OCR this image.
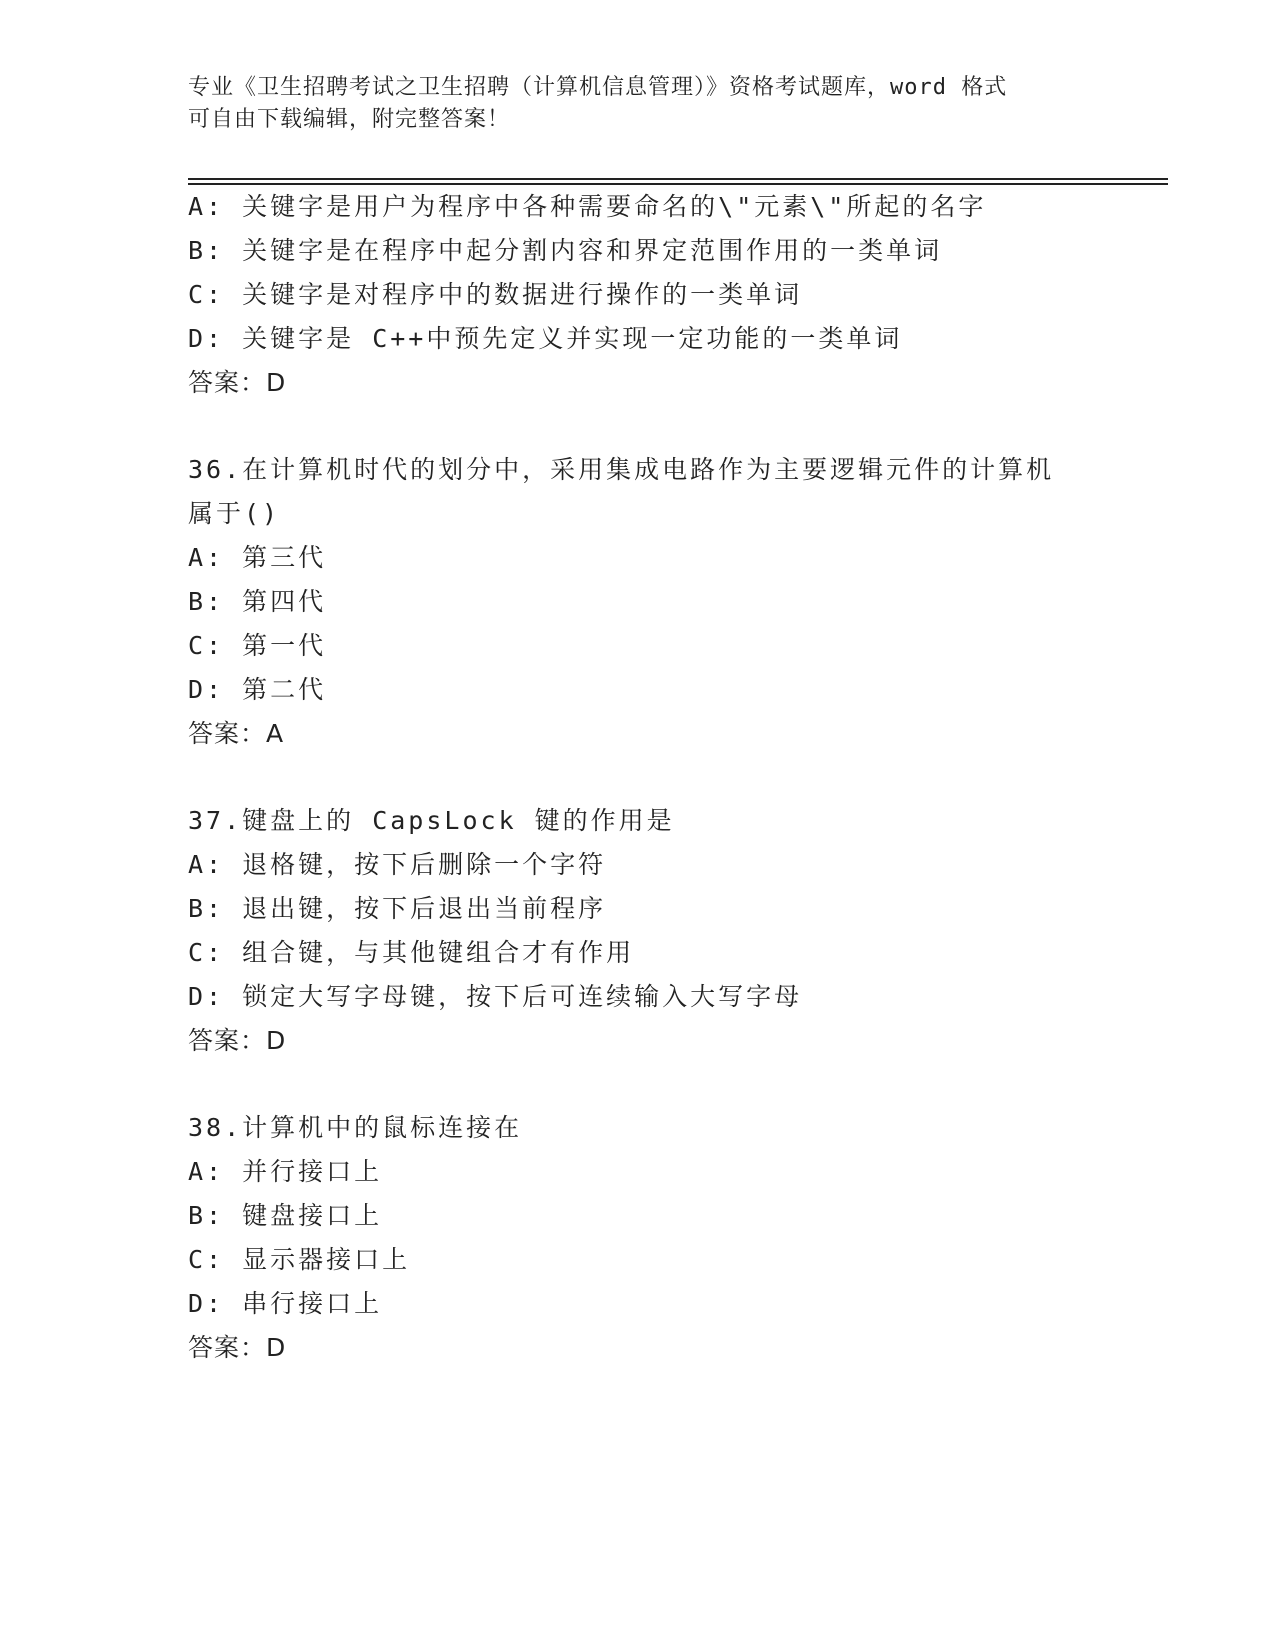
专业《卫生招聘考试之卫生招聘（计算机信息管理）》资格考试题库，word 格式
可自由下载编辑，附完整答案！
A: 关键字是用户为程序中各种需要命名的\"元素\"所起的名字
B: 关键字是在程序中起分割内容和界定范围作用的一类单词
C: 关键字是对程序中的数据进行操作的一类单词
D: 关键字是 C++中预先定义并实现一定功能的一类单词
答案：D
36.在计算机时代的划分中，采用集成电路作为主要逻辑元件的计算机
属于()
A: 第三代
B: 第四代
C: 第一代
D: 第二代
答案：A
37.键盘上的 CapsLock 键的作用是
A: 退格键，按下后删除一个字符
B: 退出键，按下后退出当前程序
C: 组合键，与其他键组合才有作用
D: 锁定大写字母键，按下后可连续输入大写字母
答案：D
38.计算机中的鼠标连接在
A: 并行接口上
B: 键盘接口上
C: 显示器接口上
D: 串行接口上
答案：D
